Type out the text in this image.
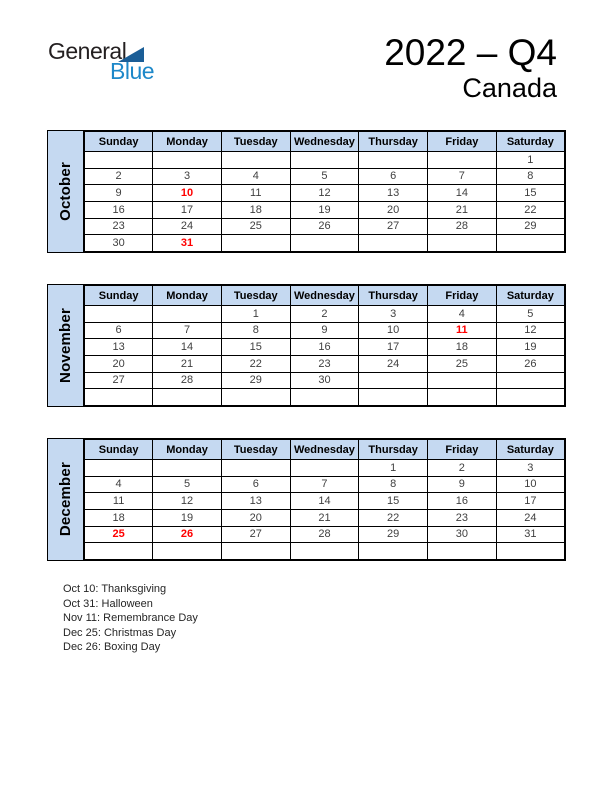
General
Blue	2022 – Q4
Canada
October
Sunday	Monday	Tuesday	Wednesday	Thursday	Friday	Saturday
						1
2	3	4	5	6	7	8
9	10	11	12	13	14	15
16	17	18	19	20	21	22
23	24	25	26	27	28	29
30	31					
November
Sunday	Monday	Tuesday	Wednesday	Thursday	Friday	Saturday
		1	2	3	4	5
6	7	8	9	10	11	12
13	14	15	16	17	18	19
20	21	22	23	24	25	26
27	28	29	30			

December
Sunday	Monday	Tuesday	Wednesday	Thursday	Friday	Saturday
				1	2	3
4	5	6	7	8	9	10
11	12	13	14	15	16	17
18	19	20	21	22	23	24
25	26	27	28	29	30	31

Oct 10: Thanksgiving
Oct 31: Halloween
Nov 11: Remembrance Day
Dec 25: Christmas Day
Dec 26: Boxing Day
